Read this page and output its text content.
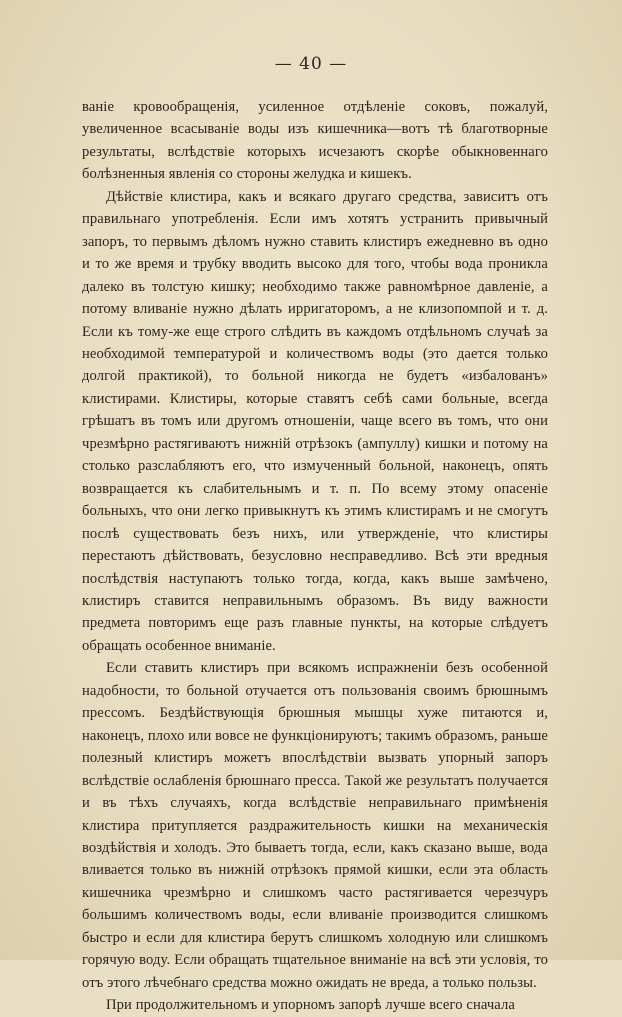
— 40 —

ваніе кровообращенія, усиленное отдѣленіе соковъ, пожалуй, увеличенное всасываніе воды изъ кишечника—вотъ тѣ благотворные результаты, вслѣдствіе которыхъ исчезаютъ скорѣе обыкновеннаго болѣзненныя явленія со стороны желудка и кишекъ.

Дѣйствіе клистира, какъ и всякаго другаго средства, зависитъ отъ правильнаго употребленія. Если имъ хотятъ устранить привычный запоръ, то первымъ дѣломъ нужно ставить клистиръ ежедневно въ одно и то же время и трубку вводить высоко для того, чтобы вода проникла далеко въ толстую кишку; необходимо также равномѣрное давленіе, а потому вливаніе нужно дѣлать ирригаторомъ, а не клизопомпой и т. д. Если къ тому-же еще строго слѣдить въ каждомъ отдѣльномъ случаѣ за необходимой температурой и количествомъ воды (это дается только долгой практикой), то больной никогда не будетъ «избалованъ» клистирами. Клистиры, которые ставятъ себѣ сами больные, всегда грѣшатъ въ томъ или другомъ отношеніи, чаще всего въ томъ, что они чрезмѣрно растягиваютъ нижній отрѣзокъ (ампуллу) кишки и потому на столько разслабляютъ его, что измученный больной, наконецъ, опять возвращается къ слабительнымъ и т. п. По всему этому опасеніе больныхъ, что они легко привыкнутъ къ этимъ клистирамъ и не смогутъ послѣ существовать безъ нихъ, или утвержденіе, что клистиры перестаютъ дѣйствовать, безусловно несправедливо. Всѣ эти вредныя послѣдствія наступаютъ только тогда, когда, какъ выше замѣчено, клистиръ ставится неправильнымъ образомъ. Въ виду важности предмета повторимъ еще разъ главные пункты, на которые слѣдуетъ обращать особенное вниманіе.

Если ставить клистиръ при всякомъ испражненіи безъ особенной надобности, то больной отучается отъ пользованія своимъ брюшнымъ прессомъ. Бездѣйствующія брюшныя мышцы хуже питаются и, наконецъ, плохо или вовсе не функціонируютъ; такимъ образомъ, раньше полезный клистиръ можетъ впослѣдствіи вызвать упорный запоръ вслѣдствіе ослабленія брюшнаго пресса. Такой же результатъ получается и въ тѣхъ случаяхъ, когда вслѣдствіе неправильнаго примѣненія клистира притупляется раздражительность кишки на механическія воздѣйствія и холодъ. Это бываетъ тогда, если, какъ сказано выше, вода вливается только въ нижній отрѣзокъ прямой кишки, если эта область кишечника чрезмѣрно и слишкомъ часто растягивается черезчуръ большимъ количествомъ воды, если вливаніе производится слишкомъ быстро и если для клистира берутъ слишкомъ холодную или слишкомъ горячую воду. Если обращать тщательное вниманіе на всѣ эти условія, то отъ этого лѣчебнаго средства можно ожидать не вреда, а только пользы.

При продолжительномъ и упорномъ запорѣ лучше всего сначала
